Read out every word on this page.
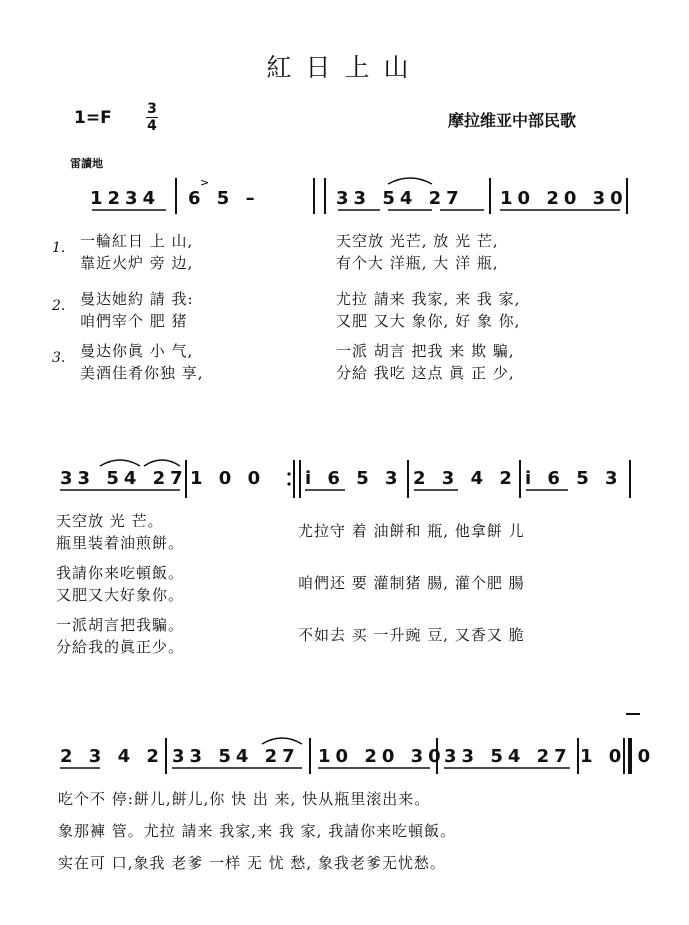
紅日上山
1=F	3
4	摩拉维亚中部民歌
雷讀地
>
1234 6 5 –	33 54 27 10 20 30
1. 一輪紅日 上 山,	天空放 光芒, 放 光 芒,
靠近火炉 旁 边,	有个大 洋瓶, 大 洋 瓶,
2. 曼达她約 請 我:	尤拉 請来 我家, 来 我 家,
咱們宰个 肥 猪	又肥 又大 象你, 好 象 你,
3. 曼达你眞 小 气,	一派 胡言 把我 来 欺 騙,
美酒佳肴你独 享,	分給 我吃 这点 眞 正 少,
33 54 27 1 0 0 i 6 5 3 2 3 4 2 i 6 5 3
天空放 光 芒。
瓶里装着油煎餅。
尤拉守 着 油餅和 瓶, 他拿餅 儿
我請你来吃頓飯。
又肥又大好象你。
咱們还 要 灌制猪 腸, 灌个肥 腸
一派胡言把我騙。
分給我的眞正少。
不如去 买 一升豌 豆, 又香又 脆
2 3 4 2 33 54 27 10 20 30
33 54 27 1 0 0
吃个不 停:餅儿,餅儿,你 快 出 来, 快从瓶里滚出来。
象那褲 管。尤拉 請来 我家,来 我 家, 我請你来吃頓飯。
实在可 口,象我 老爹 一样 无 忧 愁, 象我老爹无忧愁。
